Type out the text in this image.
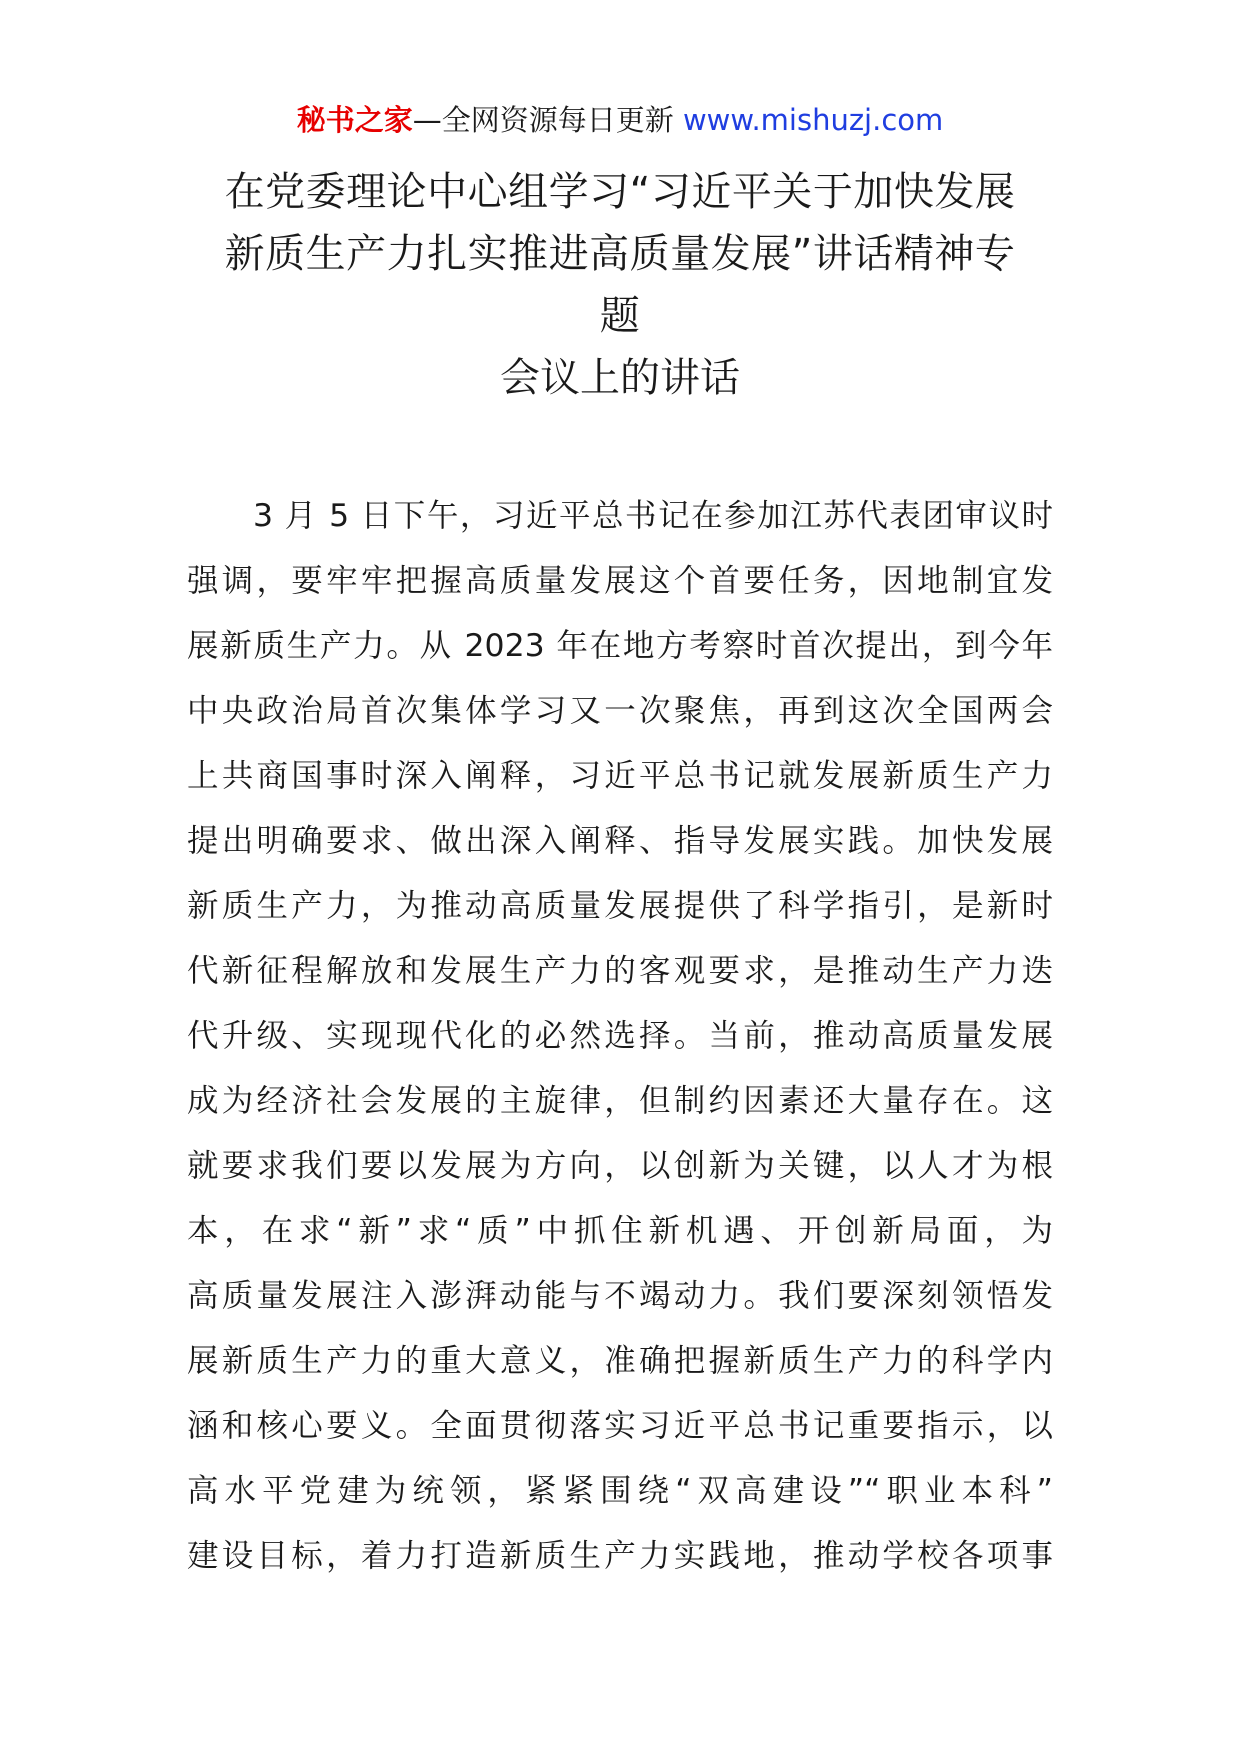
秘书之家—全网资源每日更新 www.mishuzj.com
在党委理论中心组学习“习近平关于加快发展
新质生产力扎实推进高质量发展”讲话精神专
题
会议上的讲话
3 月 5 日下午，习近平总书记在参加江苏代表团审议时
强调，要牢牢把握高质量发展这个首要任务，因地制宜发
展新质生产力。从 2023 年在地方考察时首次提出，到今年
中央政治局首次集体学习又一次聚焦，再到这次全国两会
上共商国事时深入阐释，习近平总书记就发展新质生产力
提出明确要求、做出深入阐释、指导发展实践。加快发展
新质生产力，为推动高质量发展提供了科学指引，是新时
代新征程解放和发展生产力的客观要求，是推动生产力迭
代升级、实现现代化的必然选择。当前，推动高质量发展
成为经济社会发展的主旋律，但制约因素还大量存在。这
就要求我们要以发展为方向，以创新为关键，以人才为根
本，在求“新”求“质”中抓住新机遇、开创新局面，为
高质量发展注入澎湃动能与不竭动力。我们要深刻领悟发
展新质生产力的重大意义，准确把握新质生产力的科学内
涵和核心要义。全面贯彻落实习近平总书记重要指示，以
高水平党建为统领，紧紧围绕“双高建设”“职业本科”
建设目标，着力打造新质生产力实践地，推动学校各项事
